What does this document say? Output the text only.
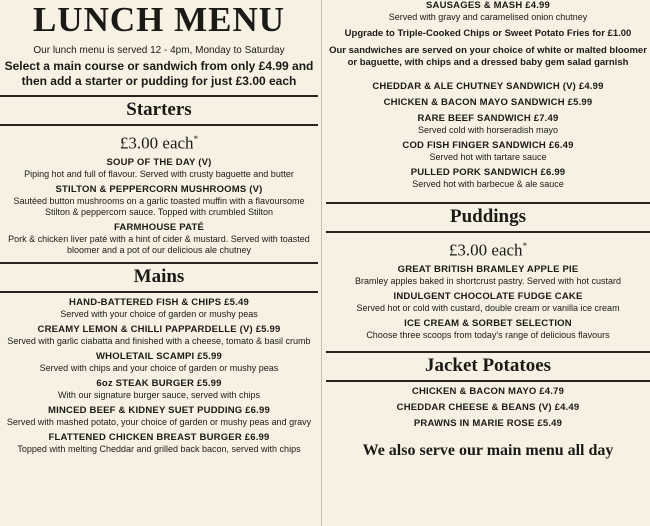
LUNCH MENU
Our lunch menu is served 12 - 4pm, Monday to Saturday
Select a main course or sandwich from only £4.99 and then add a starter or pudding for just £3.00 each
Starters
£3.00 each*
SOUP OF THE DAY (V)
Piping hot and full of flavour. Served with crusty baguette and butter
STILTON & PEPPERCORN MUSHROOMS (V)
Sautéed button mushrooms on a garlic toasted muffin with a flavoursome Stilton & peppercorn sauce. Topped with crumbled Stilton
FARMHOUSE PATÉ
Pork & chicken liver paté with a hint of cider & mustard. Served with toasted bloomer and a pot of our delicious ale chutney
Mains
HAND-BATTERED FISH & CHIPS £5.49
Served with your choice of garden or mushy peas
CREAMY LEMON & CHILLI PAPPARDELLE (V) £5.99
Served with garlic ciabatta and finished with a cheese, tomato & basil crumb
WHOLETAIL SCAMPI £5.99
Served with chips and your choice of garden or mushy peas
6oz STEAK BURGER £5.99
With our signature burger sauce, served with chips
MINCED BEEF & KIDNEY SUET PUDDING £6.99
Served with mashed potato, your choice of garden or mushy peas and gravy
FLATTENED CHICKEN BREAST BURGER £6.99
Topped with melting Cheddar and grilled back bacon, served with chips
SAUSAGES & MASH £4.99
Served with gravy and caramelised onion chutney
Upgrade to Triple-Cooked Chips or Sweet Potato Fries for £1.00
Our sandwiches are served on your choice of white or malted bloomer or baguette, with chips and a dressed baby gem salad garnish
CHEDDAR & ALE CHUTNEY SANDWICH (V) £4.99
CHICKEN & BACON MAYO SANDWICH £5.99
RARE BEEF SANDWICH £7.49
Served cold with horseradish mayo
COD FISH FINGER SANDWICH £6.49
Served hot with tartare sauce
PULLED PORK SANDWICH £6.99
Served hot with barbecue & ale sauce
Puddings
£3.00 each*
GREAT BRITISH BRAMLEY APPLE PIE
Bramley apples baked in shortcrust pastry. Served with hot custard
INDULGENT CHOCOLATE FUDGE CAKE
Served hot or cold with custard, double cream or vanilla ice cream
ICE CREAM & SORBET SELECTION
Choose three scoops from today's range of delicious flavours
Jacket Potatoes
CHICKEN & BACON MAYO £4.79
CHEDDAR CHEESE & BEANS (V) £4.49
PRAWNS IN MARIE ROSE £5.49
We also serve our main menu all day
